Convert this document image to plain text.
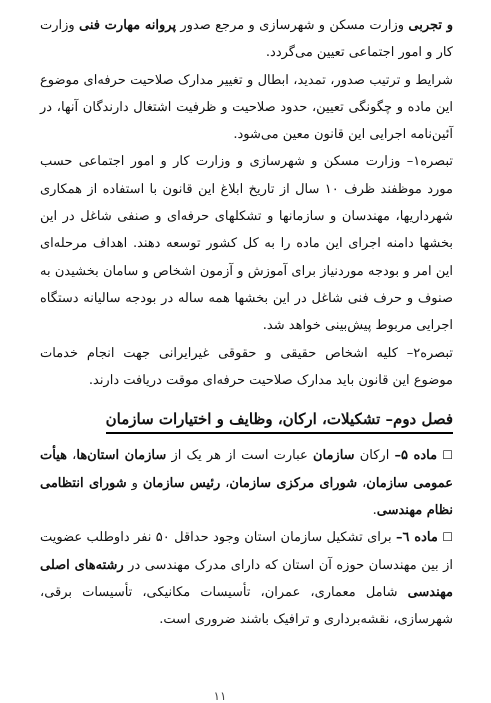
و تجربی وزارت مسکن و شهرسازی و مرجع صدور پروانه مهارت فنی وزارت کار و امور اجتماعی تعیین می‌گردد.

شرایط و ترتیب صدور، تمدید، ابطال و تغییر مدارک صلاحیت حرفه‌ای موضوع این ماده و چگونگی تعیین، حدود صلاحیت و ظرفیت اشتغال دارندگان آنها، در آئین‌نامه اجرایی این قانون معین می‌شود.

تبصره۱– وزارت مسکن و شهرسازی و وزارت کار و امور اجتماعی حسب مورد موظفند ظرف ۱۰ سال از تاریخ ابلاغ این قانون با استفاده از همکاری شهرداریها، مهندسان و سازمانها و تشکلهای حرفه‌ای و صنفی شاغل در این بخشها دامنه اجرای این ماده را به کل کشور توسعه دهند. اهداف مرحله‌ای این امر و بودجه موردنیاز برای آموزش و آزمون اشخاص و سامان بخشیدن به صنوف و حرف فنی شاغل در این بخشها همه ساله در بودجه سالیانه دستگاه اجرایی مربوط پیش‌بینی خواهد شد.

تبصره۲– کلیه اشخاص حقیقی و حقوقی غیرایرانی جهت انجام خدمات موضوع این قانون باید مدارک صلاحیت حرفه‌ای موقت دریافت دارند.

فصل دوم– تشکیلات، ارکان، وظایف و اختیارات سازمان

☐ ماده ۵– ارکان سازمان عبارت است از هر یک از سازمان استان‌ها، هیأت عمومی سازمان، شورای مرکزی سازمان، رئیس سازمان و شورای انتظامی نظام مهندسی.

☐ ماده ٦– برای تشکیل سازمان استان وجود حداقل ۵۰ نفر داوطلب عضویت از بین مهندسان حوزه آن استان که دارای مدرک مهندسی در رشته‌های اصلی مهندسی شامل معماری، عمران، تأسیسات مکانیکی، تأسیسات برقی، شهرسازی، نقشه‌برداری و ترافیک باشند ضروری است.

۱۱
